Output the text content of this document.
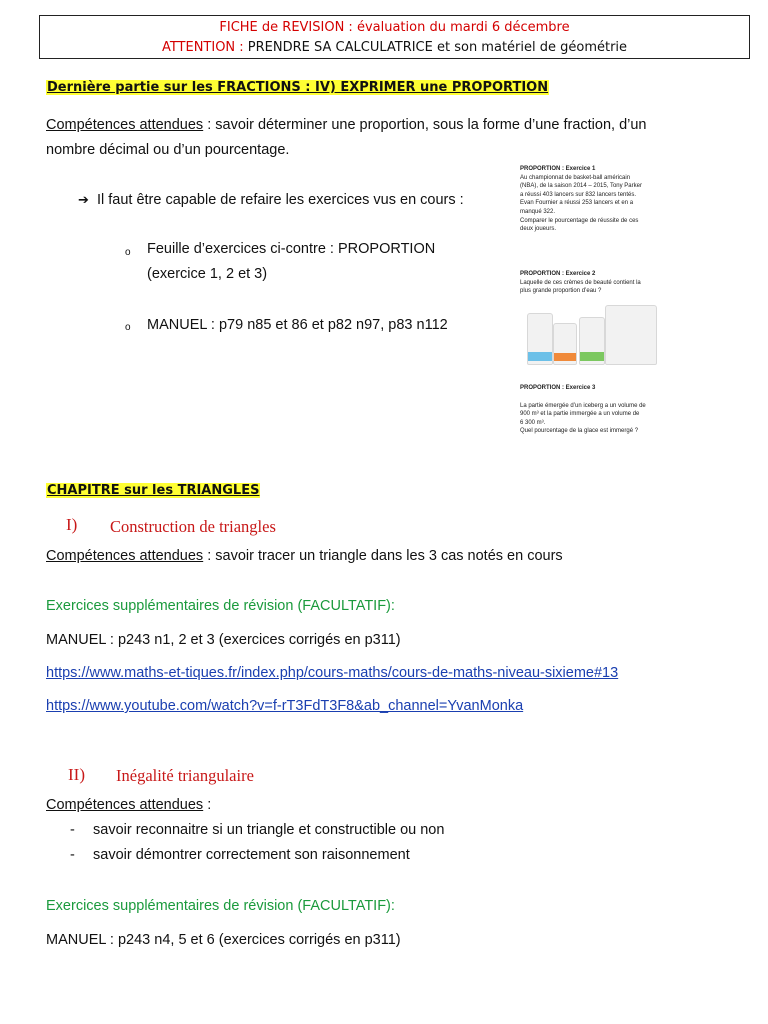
FICHE de REVISION : évaluation du mardi 6 décembre
ATTENTION : PRENDRE SA CALCULATRICE et son matériel de géométrie
Dernière partie sur les FRACTIONS : IV) EXPRIMER une PROPORTION
Compétences attendues : savoir déterminer une proportion, sous la forme d’une fraction, d’un
nombre décimal ou d’un pourcentage.
➔ Il faut être capable de refaire les exercices vus en cours :
o Feuille d’exercices ci-contre : PROPORTION
(exercice 1, 2 et 3)
o MANUEL : p79 n85 et 86 et p82 n97, p83 n112
PROPORTION : Exercice 1
Au championnat de basket-ball américain
(NBA), de la saison 2014 – 2015, Tony Parker
a réussi 403 lancers sur 832 lancers tentés.
Evan Fournier a réussi 253 lancers et en a
manqué 322.
Comparer le pourcentage de réussite de ces
deux joueurs.
PROPORTION : Exercice 2
Laquelle de ces crèmes de beauté contient la
plus grande proportion d’eau ?
PROPORTION : Exercice 3
La partie émergée d’un iceberg a un volume de
900 m³ et la partie immergée a un volume de
6 300 m³.
Quel pourcentage de la glace est immergé ?
CHAPITRE sur les TRIANGLES
I) Construction de triangles
Compétences attendues : savoir tracer un triangle dans les 3 cas notés en cours
Exercices supplémentaires de révision (FACULTATIF):
MANUEL : p243 n1, 2 et 3 (exercices corrigés en p311)
https://www.maths-et-tiques.fr/index.php/cours-maths/cours-de-maths-niveau-sixieme#13
https://www.youtube.com/watch?v=f-rT3FdT3F8&ab_channel=YvanMonka
II) Inégalité triangulaire
Compétences attendues :
- savoir reconnaitre si un triangle et constructible ou non
- savoir démontrer correctement son raisonnement
Exercices supplémentaires de révision (FACULTATIF):
MANUEL : p243 n4, 5 et 6 (exercices corrigés en p311)
